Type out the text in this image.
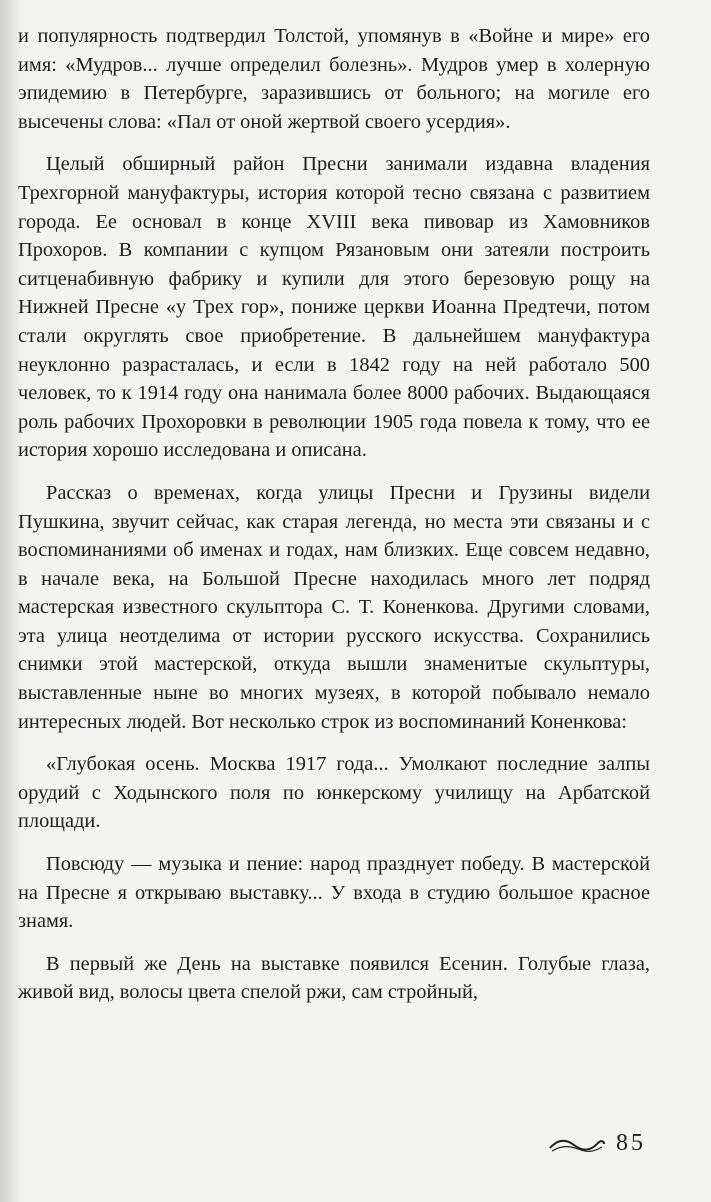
и популярность подтвердил Толстой, упомянув в «Войне и мире» его имя: «Мудров... лучше определил болезнь». Мудров умер в холерную эпидемию в Петербурге, заразившись от больного; на могиле его высечены слова: «Пал от оной жертвой своего усердия».

Целый обширный район Пресни занимали издавна владения Трехгорной мануфактуры, история которой тесно связана с развитием города. Ее основал в конце XVIII века пивовар из Хамовников Прохоров. В компании с купцом Рязановым они затеяли построить ситценабивную фабрику и купили для этого березовую рощу на Нижней Пресне «у Трех гор», пониже церкви Иоанна Предтечи, потом стали округлять свое приобретение. В дальнейшем мануфактура неуклонно разрасталась, и если в 1842 году на ней работало 500 человек, то к 1914 году она нанимала более 8000 рабочих. Выдающаяся роль рабочих Прохоровки в революции 1905 года повела к тому, что ее история хорошо исследована и описана.

Рассказ о временах, когда улицы Пресни и Грузины видели Пушкина, звучит сейчас, как старая легенда, но места эти связаны и с воспоминаниями об именах и годах, нам близких. Еще совсем недавно, в начале века, на Большой Пресне находилась много лет подряд мастерская известного скульптора С. Т. Коненкова. Другими словами, эта улица неотделима от истории русского искусства. Сохранились снимки этой мастерской, откуда вышли знаменитые скульптуры, выставленные ныне во многих музеях, в которой побывало немало интересных людей. Вот несколько строк из воспоминаний Коненкова:

«Глубокая осень. Москва 1917 года... Умолкают последние залпы орудий с Ходынского поля по юнкерскому училищу на Арбатской площади.

Повсюду — музыка и пение: народ празднует победу. В мастерской на Пресне я открываю выставку... У входа в студию большое красное знамя.

В первый же День на выставке появился Есенин. Голубые глаза, живой вид, волосы цвета спелой ржи, сам стройный,

85
